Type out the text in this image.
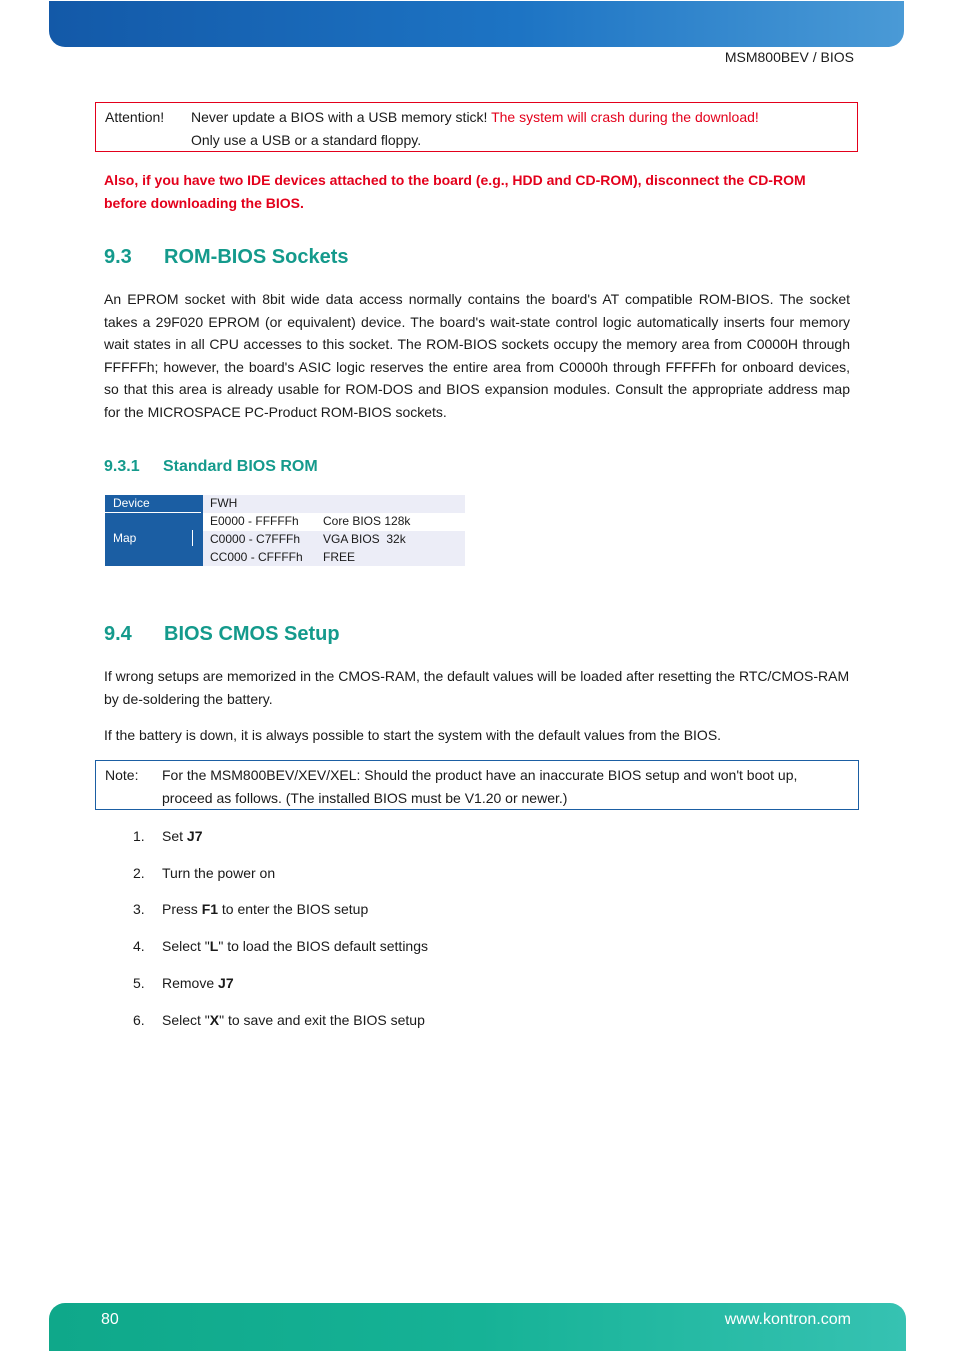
MSM800BEV / BIOS
Attention! Never update a BIOS with a USB memory stick! The system will crash during the download!
Only use a USB or a standard floppy.
Also, if you have two IDE devices attached to the board (e.g., HDD and CD-ROM), disconnect the CD-ROM before downloading the BIOS.
9.3 ROM-BIOS Sockets
An EPROM socket with 8bit wide data access normally contains the board's AT compatible ROM-BIOS. The socket takes a 29F020 EPROM (or equivalent) device. The board's wait-state control logic automatically inserts four memory wait states in all CPU accesses to this socket. The ROM-BIOS sockets occupy the memory area from C0000H through FFFFFh; however, the board's ASIC logic reserves the entire area from C0000h through FFFFFh for onboard devices, so that this area is already usable for ROM-DOS and BIOS expansion modules. Consult the appropriate address map for the MICROSPACE PC-Product ROM-BIOS sockets.
9.3.1 Standard BIOS ROM
Device
Map
FWH
E0000 - FFFFFh Core BIOS 128k
C0000 - C7FFFh VGA BIOS  32k
CC000 - CFFFFh FREE
9.4 BIOS CMOS Setup
If wrong setups are memorized in the CMOS-RAM, the default values will be loaded after resetting the RTC/CMOS-RAM by de-soldering the battery.
If the battery is down, it is always possible to start the system with the default values from the BIOS.
Note: For the MSM800BEV/XEV/XEL: Should the product have an inaccurate BIOS setup and won't boot up,
proceed as follows. (The installed BIOS must be V1.20 or newer.)
1. Set J7
2. Turn the power on
3. Press F1 to enter the BIOS setup
4. Select "L" to load the BIOS default settings
5. Remove J7
6. Select "X" to save and exit the BIOS setup
80	www.kontron.com
